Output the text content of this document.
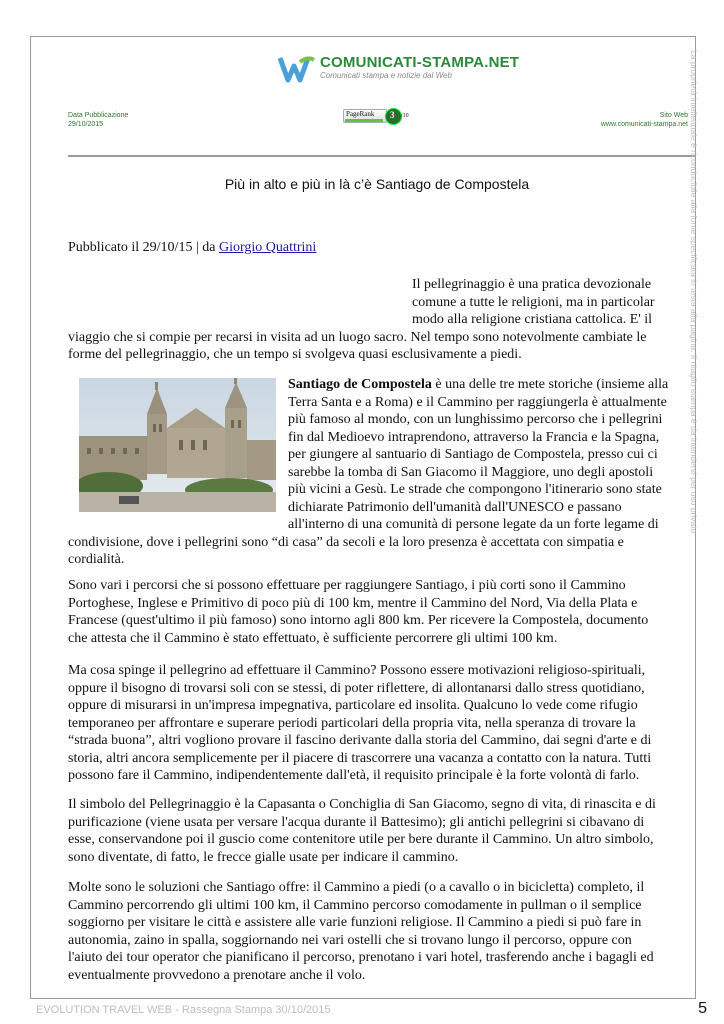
COMUNICATI-STAMPA.NET
Comunicati stampa e notizie dal Web
Data Pubblicazione
29/10/2015
PageRank 3 /10	Sito Web
www.comunicati-stampa.net
Più in alto e più in là c’è Santiago de Compostela
Pubblicato il 29/10/15 | da Giorgio Quattrini
Il pellegrinaggio è una pratica devozionale
comune a tutte le religioni, ma in particolar
modo alla religione cristiana cattolica. E' il
viaggio che si compie per recarsi in visita ad un luogo sacro. Nel tempo sono notevolmente cambiate le
forme del pellegrinaggio, che un tempo si svolgeva quasi esclusivamente a piedi.
Santiago de Compostela è una delle tre mete storiche (insieme alla
Terra Santa e a Roma) e il Cammino per raggiungerla è attualmente
più famoso al mondo, con un lunghissimo percorso che i pellegrini
fin dal Medioevo intraprendono, attraverso la Francia e la Spagna,
per giungere al santuario di Santiago de Compostela, presso cui ci
sarebbe la tomba di San Giacomo il Maggiore, uno degli apostoli
più vicini a Gesù. Le strade che compongono l'itinerario sono state
dichiarate Patrimonio dell'umanità dall'UNESCO e passano
all'interno di una comunità di persone legate da un forte legame di
condivisione, dove i pellegrini sono “di casa” da secoli e la loro presenza è accettata con simpatia e
cordialità.
Sono vari i percorsi che si possono effettuare per raggiungere Santiago, i più corti sono il Cammino
Portoghese, Inglese e Primitivo di poco più di 100 km, mentre il Cammino del Nord, Via della Plata e
Francese (quest'ultimo il più famoso) sono intorno agli 800 km. Per ricevere la Compostela, documento
che attesta che il Cammino è stato effettuato, è sufficiente percorrere gli ultimi 100 km.
Ma cosa spinge il pellegrino ad effettuare il Cammino? Possono essere motivazioni religioso-spirituali,
oppure il bisogno di trovarsi soli con se stessi, di poter riflettere, di allontanarsi dallo stress quotidiano,
oppure di misurarsi in un'impresa impegnativa, particolare ed insolita. Qualcuno lo vede come rifugio
temporaneo per affrontare e superare periodi particolari della propria vita, nella speranza di trovare la
“strada buona”, altri vogliono provare il fascino derivante dalla storia del Cammino, dai segni d'arte e di
storia, altri ancora semplicemente per il piacere di trascorrere una vacanza a contatto con la natura. Tutti
possono fare il Cammino, indipendentemente dall'età, il requisito principale è la forte volontà di farlo.
Il simbolo del Pellegrinaggio è la Capasanta o Conchiglia di San Giacomo, segno di vita, di rinascita e di
purificazione (viene usata per versare l'acqua durante il Battesimo); gli antichi pellegrini si cibavano di
esse, conservandone poi il guscio come contenitore utile per bere durante il Cammino. Un altro simbolo,
sono diventate, di fatto, le frecce gialle usate per indicare il cammino.
Molte sono le soluzioni che Santiago offre: il Cammino a piedi (o a cavallo o in bicicletta) completo, il
Cammino percorrendo gli ultimi 100 km, il Cammino percorso comodamente in pullman o il semplice
soggiorno per visitare le città e assistere alle varie funzioni religiose. Il Cammino a piedi si può fare in
autonomia, zaino in spalla, soggiornando nei vari ostelli che si trovano lungo il percorso, oppure con
l'aiuto dei tour operator che pianificano il percorso, prenotano i vari hotel, trasferendo anche i bagagli ed
eventualmente provvedono a prenotare anche il volo.
La proprietà intellettuale è riconducibile alla fonte specificata in testa alla pagina. Il ritaglio stampa è da intendersi per uso privato
EVOLUTION TRAVEL WEB - Rassegna Stampa 30/10/2015	5
